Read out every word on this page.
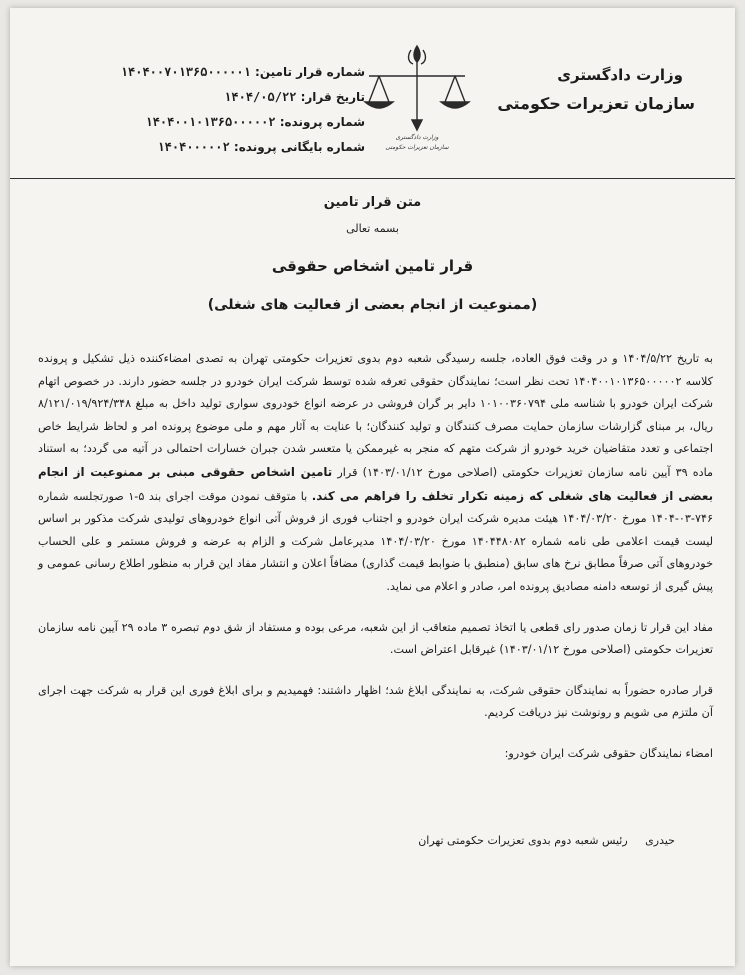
وزارت دادگستری
سازمان تعزیرات حکومتی
وزارت دادگستری
سازمان تعزیرات حکومتی
شماره قرار تامین: ۱۴۰۴۰۰۷۰۱۳۶۵۰۰۰۰۰۱
تاریخ قرار: ۱۴۰۴/۰۵/۲۲
شماره پرونده: ۱۴۰۴۰۰۱۰۱۳۶۵۰۰۰۰۰۲
شماره بایگانی پرونده: ۱۴۰۴۰۰۰۰۰۲
متن قرار تامین
بسمه تعالی
قرار تامین اشخاص حقوقی
(ممنوعیت از انجام بعضی از فعالیت های شغلی)

به تاریخ ۱۴۰۴/۵/۲۲ و در وقت فوق العاده، جلسه رسیدگی شعبه دوم بدوی تعزیرات حکومتی تهران به تصدی امضاءکننده ذیل تشکیل و پرونده کلاسه ۱۴۰۴۰۰۱۰۱۳۶۵۰۰۰۰۰۲ تحت نظر است؛ نمایندگان حقوقی تعرفه شده توسط شرکت ایران خودرو در جلسه حضور دارند. در خصوص اتهام شرکت ایران خودرو با شناسه ملی ۱۰۱۰۰۳۶۰۷۹۴ دایر بر گران فروشی در عرضه انواع خودروی سواری تولید داخل به مبلغ ۸/۱۲۱/۰۱۹/۹۲۴/۳۴۸ ریال، بر مبنای گزارشات سازمان حمایت مصرف کنندگان و تولید کنندگان؛ با عنایت به آثار مهم و ملی موضوع پرونده امر و لحاظ شرایط خاص اجتماعی و تعدد متقاضیان خرید خودرو از شرکت متهم که منجر به غیرممکن یا متعسر شدن جبران خسارات احتمالی در آتیه می گردد؛ به استناد ماده ۳۹ آیین نامه سازمان تعزیرات حکومتی (اصلاحی مورخ ۱۴۰۳/۰۱/۱۲) قرار تامین اشخاص حقوقی مبنی بر ممنوعیت از انجام بعضی از فعالیت های شغلی که زمینه تکرار تخلف را فراهم می کند. با متوقف نمودن موقت اجرای بند ۵-۱ صورتجلسه شماره ۷۴۶-۰۳-۱۴۰۴ مورخ ۱۴۰۴/۰۳/۲۰ هیئت مدیره شرکت ایران خودرو و اجتناب فوری از فروش آتی انواع خودروهای تولیدی شرکت مذکور بر اساس لیست قیمت اعلامی طی نامه شماره ۱۴۰۴۴۸۰۸۲ مورخ ۱۴۰۴/۰۳/۲۰ مدیرعامل شرکت و الزام به عرضه و فروش مستمر و علی الحساب خودروهای آتی صرفاً مطابق نرخ های سابق (منطبق با ضوابط قیمت گذاری) مضافاً اعلان و انتشار مفاد این قرار به منظور اطلاع رسانی عمومی و پیش گیری از توسعه دامنه مصادیق پرونده امر، صادر و اعلام می نماید.

مفاد این قرار تا زمان صدور رای قطعی یا اتخاذ تصمیم متعاقب از این شعبه، مرعی بوده و مستفاد از شق دوم تبصره ۳ ماده ۲۹ آیین نامه سازمان تعزیرات حکومتی (اصلاحی مورخ ۱۴۰۳/۰۱/۱۲) غیرقابل اعتراض است.

قرار صادره حضوراً به نمایندگان حقوقی شرکت، به نمایندگی ابلاغ شد؛ اظهار داشتند: فهمیدیم و برای ابلاغ فوری این قرار به شرکت جهت اجرای آن ملتزم می شویم و رونوشت نیز دریافت کردیم.

امضاء نمایندگان حقوقی شرکت ایران خودرو:

حیدری رئیس شعبه دوم بدوی تعزیرات حکومتی تهران
